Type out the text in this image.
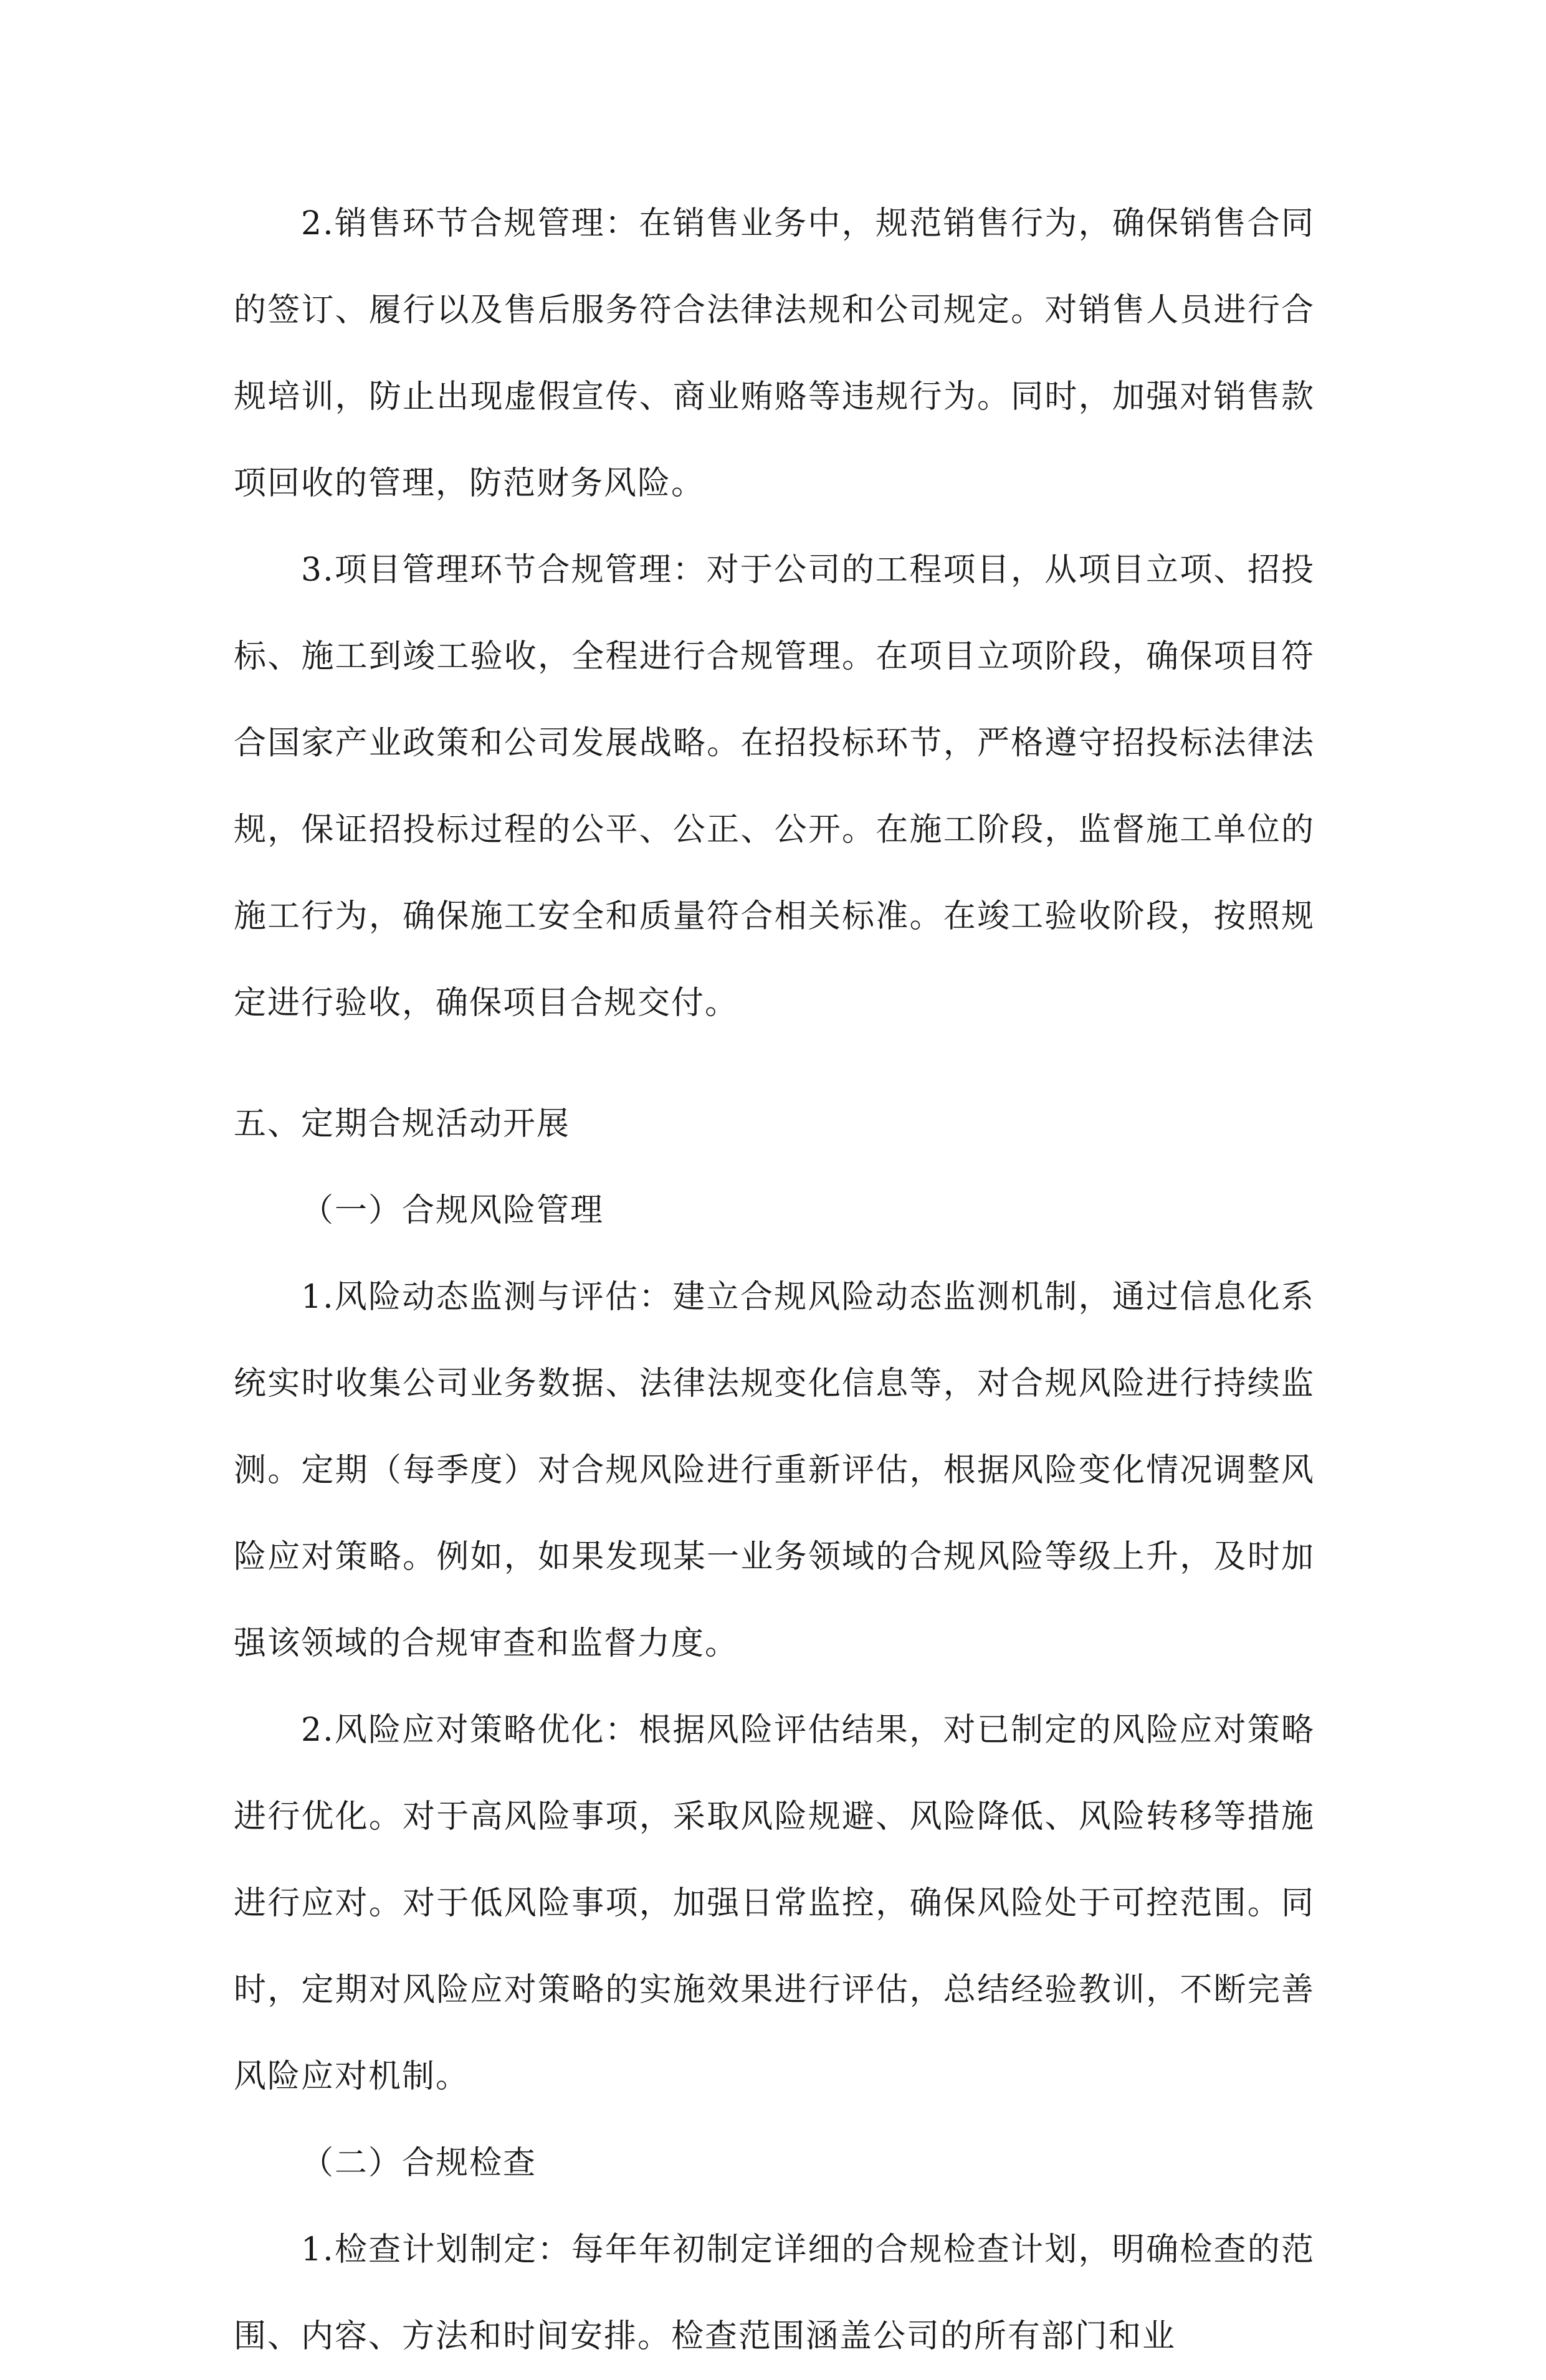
2.销售环节合规管理：在销售业务中，规范销售行为，确保销售合同的签订、履行以及售后服务符合法律法规和公司规定。对销售人员进行合规培训，防止出现虚假宣传、商业贿赂等违规行为。同时，加强对销售款项回收的管理，防范财务风险。

3.项目管理环节合规管理：对于公司的工程项目，从项目立项、招投标、施工到竣工验收，全程进行合规管理。在项目立项阶段，确保项目符合国家产业政策和公司发展战略。在招投标环节，严格遵守招投标法律法规，保证招投标过程的公平、公正、公开。在施工阶段，监督施工单位的施工行为，确保施工安全和质量符合相关标准。在竣工验收阶段，按照规定进行验收，确保项目合规交付。

五、定期合规活动开展

（一）合规风险管理

1.风险动态监测与评估：建立合规风险动态监测机制，通过信息化系统实时收集公司业务数据、法律法规变化信息等，对合规风险进行持续监测。定期（每季度）对合规风险进行重新评估，根据风险变化情况调整风险应对策略。例如，如果发现某一业务领域的合规风险等级上升，及时加强该领域的合规审查和监督力度。

2.风险应对策略优化：根据风险评估结果，对已制定的风险应对策略进行优化。对于高风险事项，采取风险规避、风险降低、风险转移等措施进行应对。对于低风险事项，加强日常监控，确保风险处于可控范围。同时，定期对风险应对策略的实施效果进行评估，总结经验教训，不断完善风险应对机制。

（二）合规检查

1.检查计划制定：每年年初制定详细的合规检查计划，明确检查的范围、内容、方法和时间安排。检查范围涵盖公司的所有部门和业
